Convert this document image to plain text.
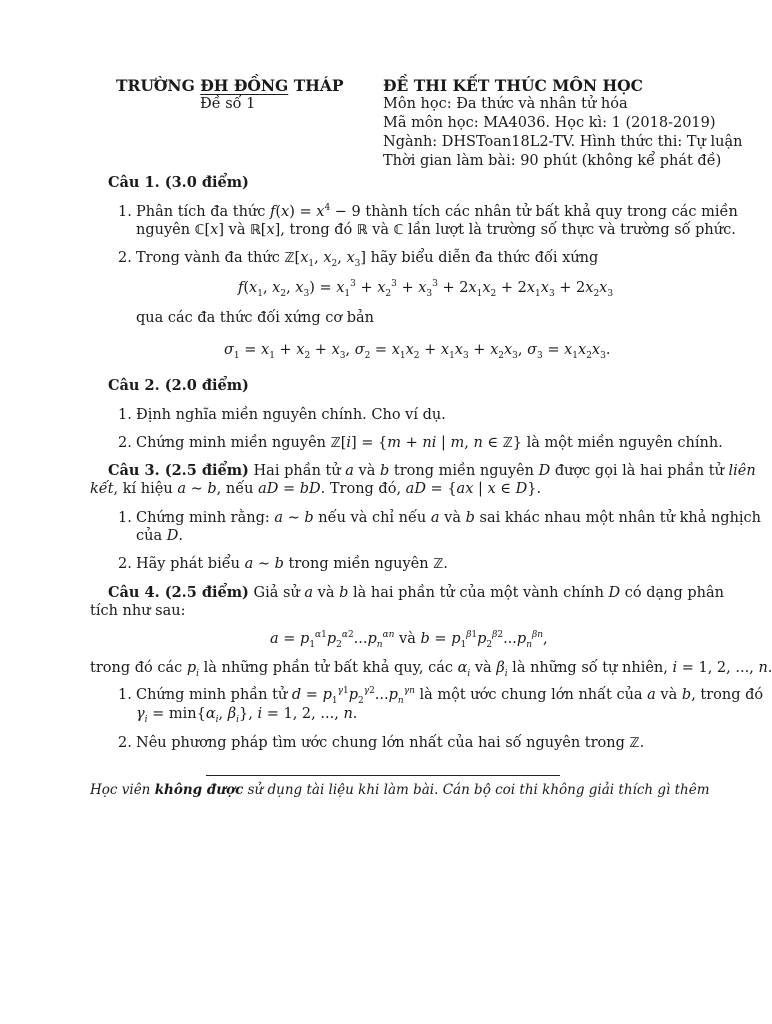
TRƯỜNG ĐH ĐỒNG THÁP
Đề số 1
ĐỀ THI KẾT THÚC MÔN HỌC
Môn học: Đa thức và nhân tử hóa
Mã môn học: MA4036. Học kì: 1 (2018-2019)
Ngành: DHSToan18L2-TV. Hình thức thi: Tự luận
Thời gian làm bài: 90 phút (không kể phát đề)
Câu 1. (3.0 điểm)
1. Phân tích đa thức $f(x) = x^4 - 9$ thành tích các nhân tử bất khả quy trong các miền
nguyên ℂ[x] và ℝ[x], trong đó ℝ và ℂ lần lượt là trường số thực và trường số phức.
2. Trong vành đa thức $ℤ[x_1$, $x_2$, $x_3$] hãy biểu diễn đa thức đối xứng
$f(x_1$, $x_2$, $x_3) = x_1^3 + x_2^3 + x_3^3 + 2x_1x_2 + 2x_1x_3 + 2x_2x_3$
qua các đa thức đối xứng cơ bản
$\sigma_1 = x_1 + x_2 + x_3$, $\sigma_2 = x_1x_2 + x_1x_3 + x_2x_3$, $\sigma_3 = x_1x_2x_3$.
Câu 2. (2.0 điểm)
1. Định nghĩa miền nguyên chính. Cho ví dụ.
2. Chứng minh miền nguyên ℤ[i] = {m + ni | m, n ∈ ℤ} là một miền nguyên chính.
Câu 3. (2.5 điểm) Hai phần tử a và b trong miền nguyên D được gọi là hai phần tử liên
kết, kí hiệu a ∼ b, nếu aD = bD. Trong đó, aD = {ax | x ∈ D}.
1. Chứng minh rằng: a ∼ b nếu và chỉ nếu a và b sai khác nhau một nhân tử khả nghịch
của D.
2. Hãy phát biểu a ∼ b trong miền nguyên ℤ.
Câu 4. (2.5 điểm) Giả sử a và b là hai phần tử của một vành chính D có dạng phân
tích như sau:
$a = p_1^{\alpha 1}p_2^{\alpha 2}...p_n^{\alpha n}$ và $b = p_1^{\beta 1}p_2^{\beta 2}...p_n^{\beta n}$,
trong đó các $p_i$ là những phần tử bất khả quy, các $\alpha_i$ và $\beta_i$ là những số tự nhiên, i = 1, 2, ..., n.
1. Chứng minh phần tử $d = p_1^{\gamma 1}p_2^{\gamma 2}...p_n^{\gamma n}$ là một ước chung lớn nhất của a và b, trong đó
$\gamma_i = \min\{\alpha_i$, $\beta_i$}, i = 1, 2, ..., n.
2. Nêu phương pháp tìm ước chung lớn nhất của hai số nguyên trong ℤ.
Học viên không được sử dụng tài liệu khi làm bài. Cán bộ coi thi không giải thích gì thêm
